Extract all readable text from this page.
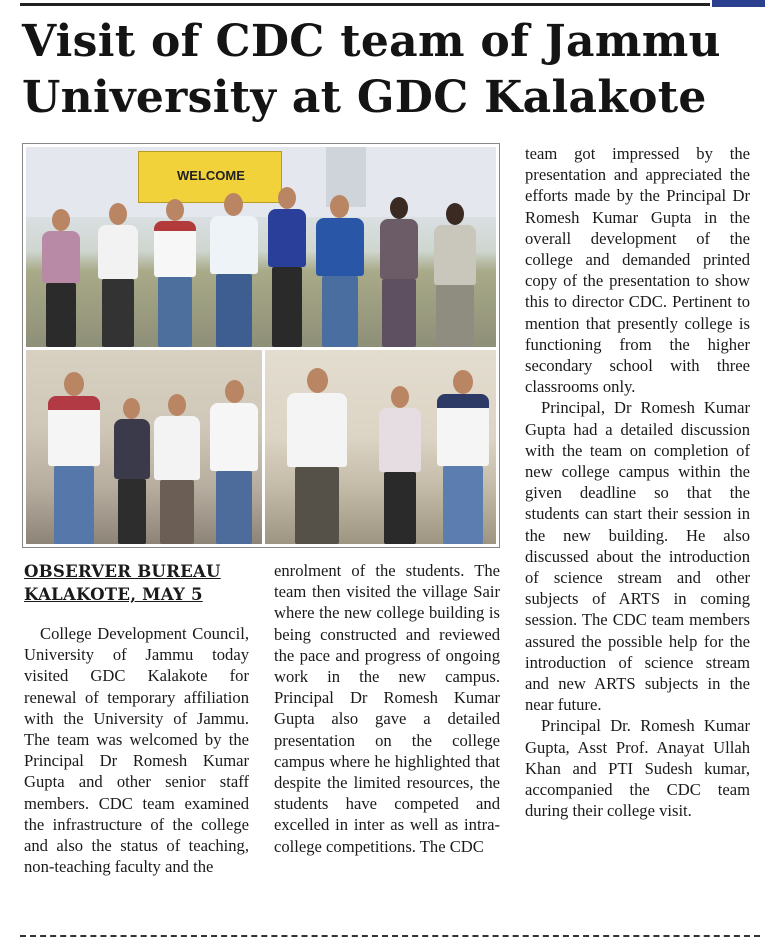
Visit of CDC team of Jammu University at GDC Kalakote
WELCOME

OBSERVER BUREAU
KALAKOTE, MAY 5

College Development Council, University of Jammu today visited GDC Kalakote for renewal of temporary affiliation with the University of Jammu. The team was welcomed by the Principal Dr Romesh Kumar Gupta and other senior staff members. CDC team examined the infrastructure of the college and also the status of teaching, non-teaching faculty and the

enrolment of the students. The team then visited the village Sair where the new college building is being constructed and reviewed the pace and progress of ongoing work in the new campus. Principal Dr Romesh Kumar Gupta also gave a detailed presentation on the college campus where he highlighted that despite the limited resources, the students have competed and excelled in inter as well as intra-college competitions. The CDC

team got impressed by the presentation and appreciated the efforts made by the Principal Dr Romesh Kumar Gupta in the overall development of the college and demanded printed copy of the presentation to show this to director CDC. Pertinent to mention that presently college is functioning from the higher secondary school with three classrooms only.

Principal, Dr Romesh Kumar Gupta had a detailed discussion with the team on completion of new college campus within the given deadline so that the students can start their session in the new building. He also discussed about the introduction of science stream and other subjects of ARTS in coming session. The CDC team members assured the possible help for the introduction of science stream and new ARTS subjects in the near future.

Principal Dr. Romesh Kumar Gupta, Asst Prof. Anayat Ullah Khan and PTI Sudesh kumar, accompanied the CDC team during their college visit.
